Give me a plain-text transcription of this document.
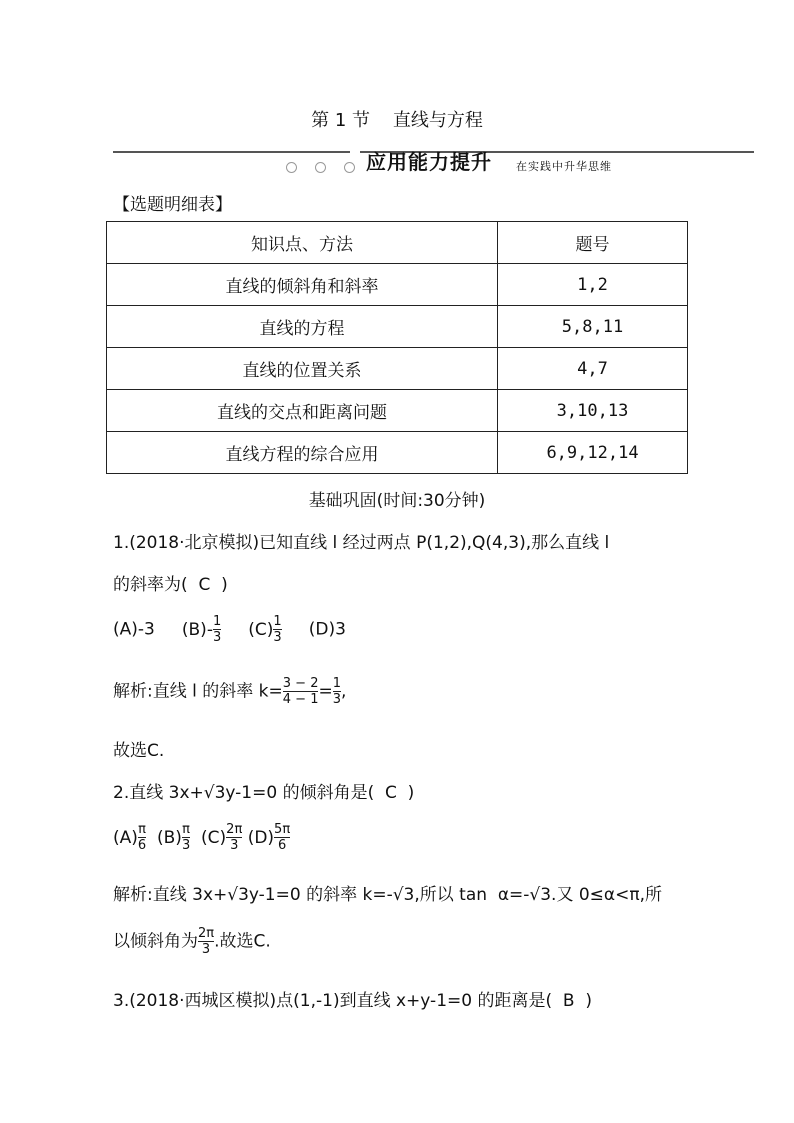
第 1 节    直线与方程
应用能力提升 在实践中升华思维
【选题明细表】
知识点、方法	题号
直线的倾斜角和斜率	1,2
直线的方程	5,8,11
直线的位置关系	4,7
直线的交点和距离问题	3,10,13
直线方程的综合应用	6,9,12,14
基础巩固(时间:30分钟)
1.(2018·北京模拟)已知直线 l 经过两点 P(1,2),Q(4,3),那么直线 l
的斜率为(  C  )
(A)-3 $(B)- \frac{1}{3} (C) \frac{1}{3} (D)3$
解析:直线 l 的斜率 $k= \frac{3 - 2}{4 - 1} = \frac{1}{3}$ ,
故选C.
2.直线 3x+√3y-1=0 的倾斜角是(  C  )
$(A) \frac{\pi}{6} (B) \frac{\pi}{3} (C) \frac{2\pi}{3} (D) \frac{5\pi}{6}$
解析:直线 3x+√3y-1=0 的斜率 k=-√3,所以 tan  α=-√3.又 0≤α<π,所
以倾斜角为 $\frac{2\pi}{3}$ .故选C.
3.(2018·西城区模拟)点(1,-1)到直线 x+y-1=0 的距离是(  B  )
